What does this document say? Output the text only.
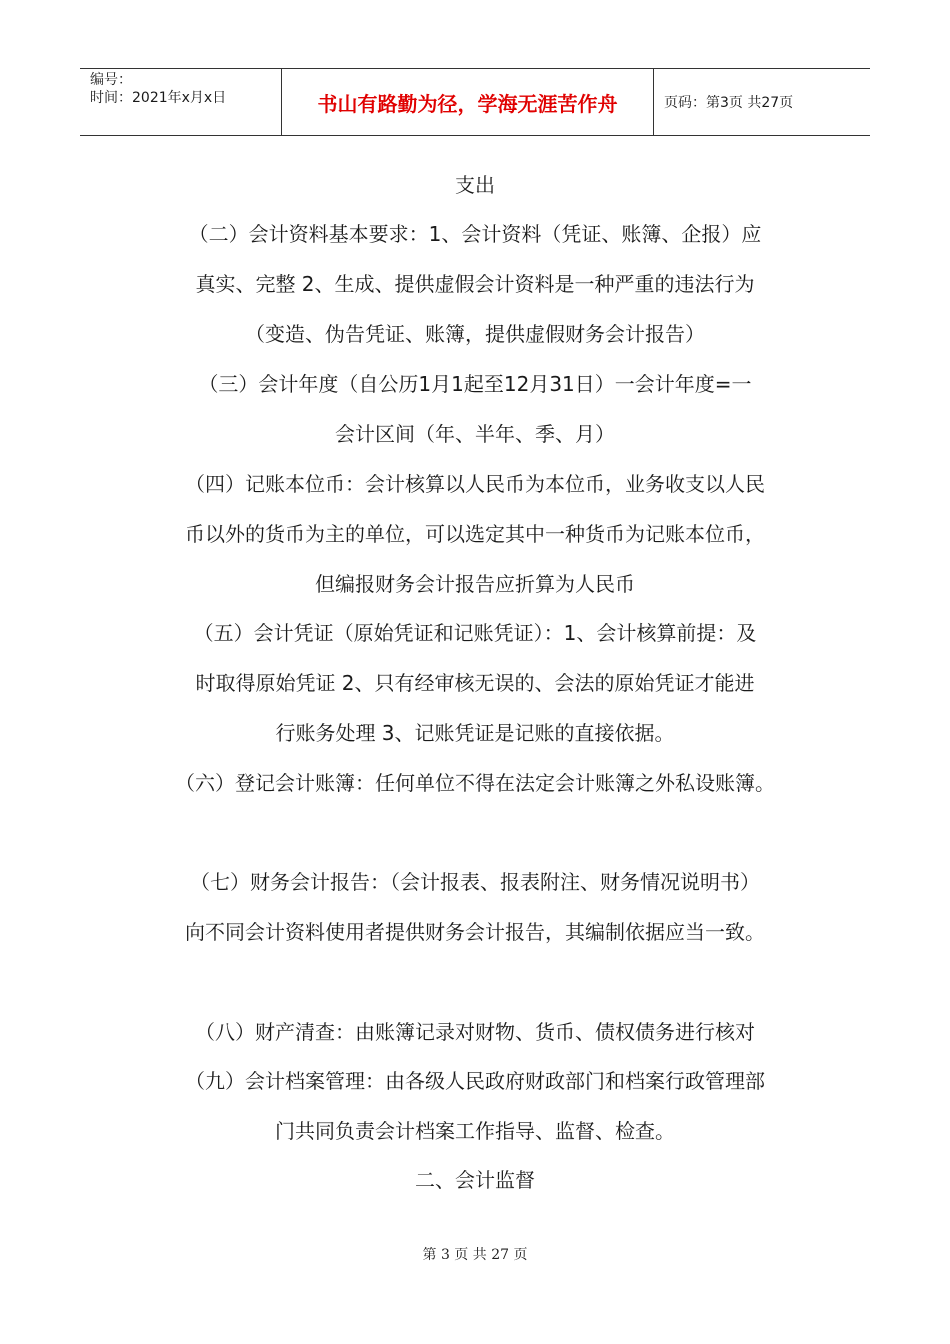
编号：
时间：2021年x月x日	书山有路勤为径，学海无涯苦作舟	页码：第3页 共27页
支出
（二）会计资料基本要求：1、会计资料（凭证、账簿、企报）应
真实、完整 2、生成、提供虚假会计资料是一种严重的违法行为
（变造、伪告凭证、账簿，提供虚假财务会计报告）
（三）会计年度（自公历1月1起至12月31日）一会计年度=一
会计区间（年、半年、季、月）
（四）记账本位币：会计核算以人民币为本位币，业务收支以人民
币以外的货币为主的单位，可以选定其中一种货币为记账本位币，
但编报财务会计报告应折算为人民币
（五）会计凭证（原始凭证和记账凭证）：1、会计核算前提：及
时取得原始凭证 2、只有经审核无误的、会法的原始凭证才能进
行账务处理 3、记账凭证是记账的直接依据。
（六）登记会计账簿：任何单位不得在法定会计账簿之外私设账簿。
（七）财务会计报告：（会计报表、报表附注、财务情况说明书）
向不同会计资料使用者提供财务会计报告，其编制依据应当一致。
（八）财产清查：由账簿记录对财物、货币、债权债务进行核对
（九）会计档案管理：由各级人民政府财政部门和档案行政管理部
门共同负责会计档案工作指导、监督、检查。
二、会计监督
第 3 页 共 27 页
